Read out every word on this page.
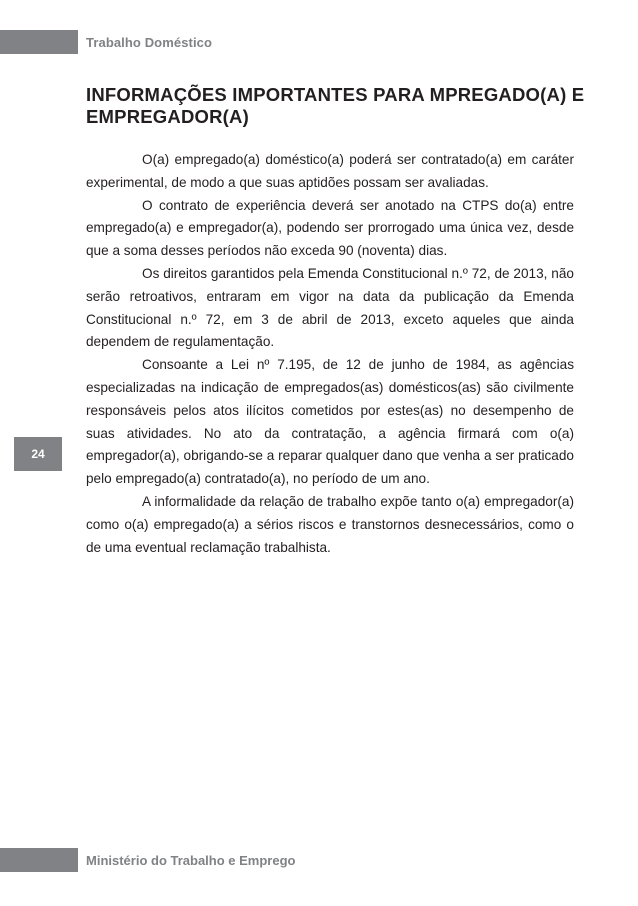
Trabalho Doméstico
INFORMAÇÕES IMPORTANTES PARA MPREGADO(A) E EMPREGADOR(A)

O(a) empregado(a) doméstico(a) poderá ser contratado(a) em caráter experimental, de modo a que suas aptidões possam ser avaliadas.

O contrato de experiência deverá ser anotado na CTPS do(a) entre empregado(a) e empregador(a), podendo ser prorrogado uma única vez, desde que a soma desses períodos não exceda 90 (noventa) dias.

Os direitos garantidos pela Emenda Constitucional n.º 72, de 2013, não serão retroativos, entraram em vigor na data da publicação da Emenda Constitucional n.º 72, em 3 de abril de 2013, exceto aqueles que ainda dependem de regulamentação.

Consoante a Lei nº 7.195, de 12 de junho de 1984, as agências especializadas na indicação de empregados(as) domésticos(as) são civilmente responsáveis pelos atos ilícitos cometidos por estes(as) no desempenho de suas atividades. No ato da contratação, a agência firmará com o(a) empregador(a), obrigando-se a reparar qualquer dano que venha a ser praticado pelo empregado(a) contratado(a), no período de um ano.

A informalidade da relação de trabalho expõe tanto o(a) empregador(a) como o(a) empregado(a) a sérios riscos e transtornos desnecessários, como o de uma eventual reclamação trabalhista.

24
Ministério do Trabalho e Emprego
